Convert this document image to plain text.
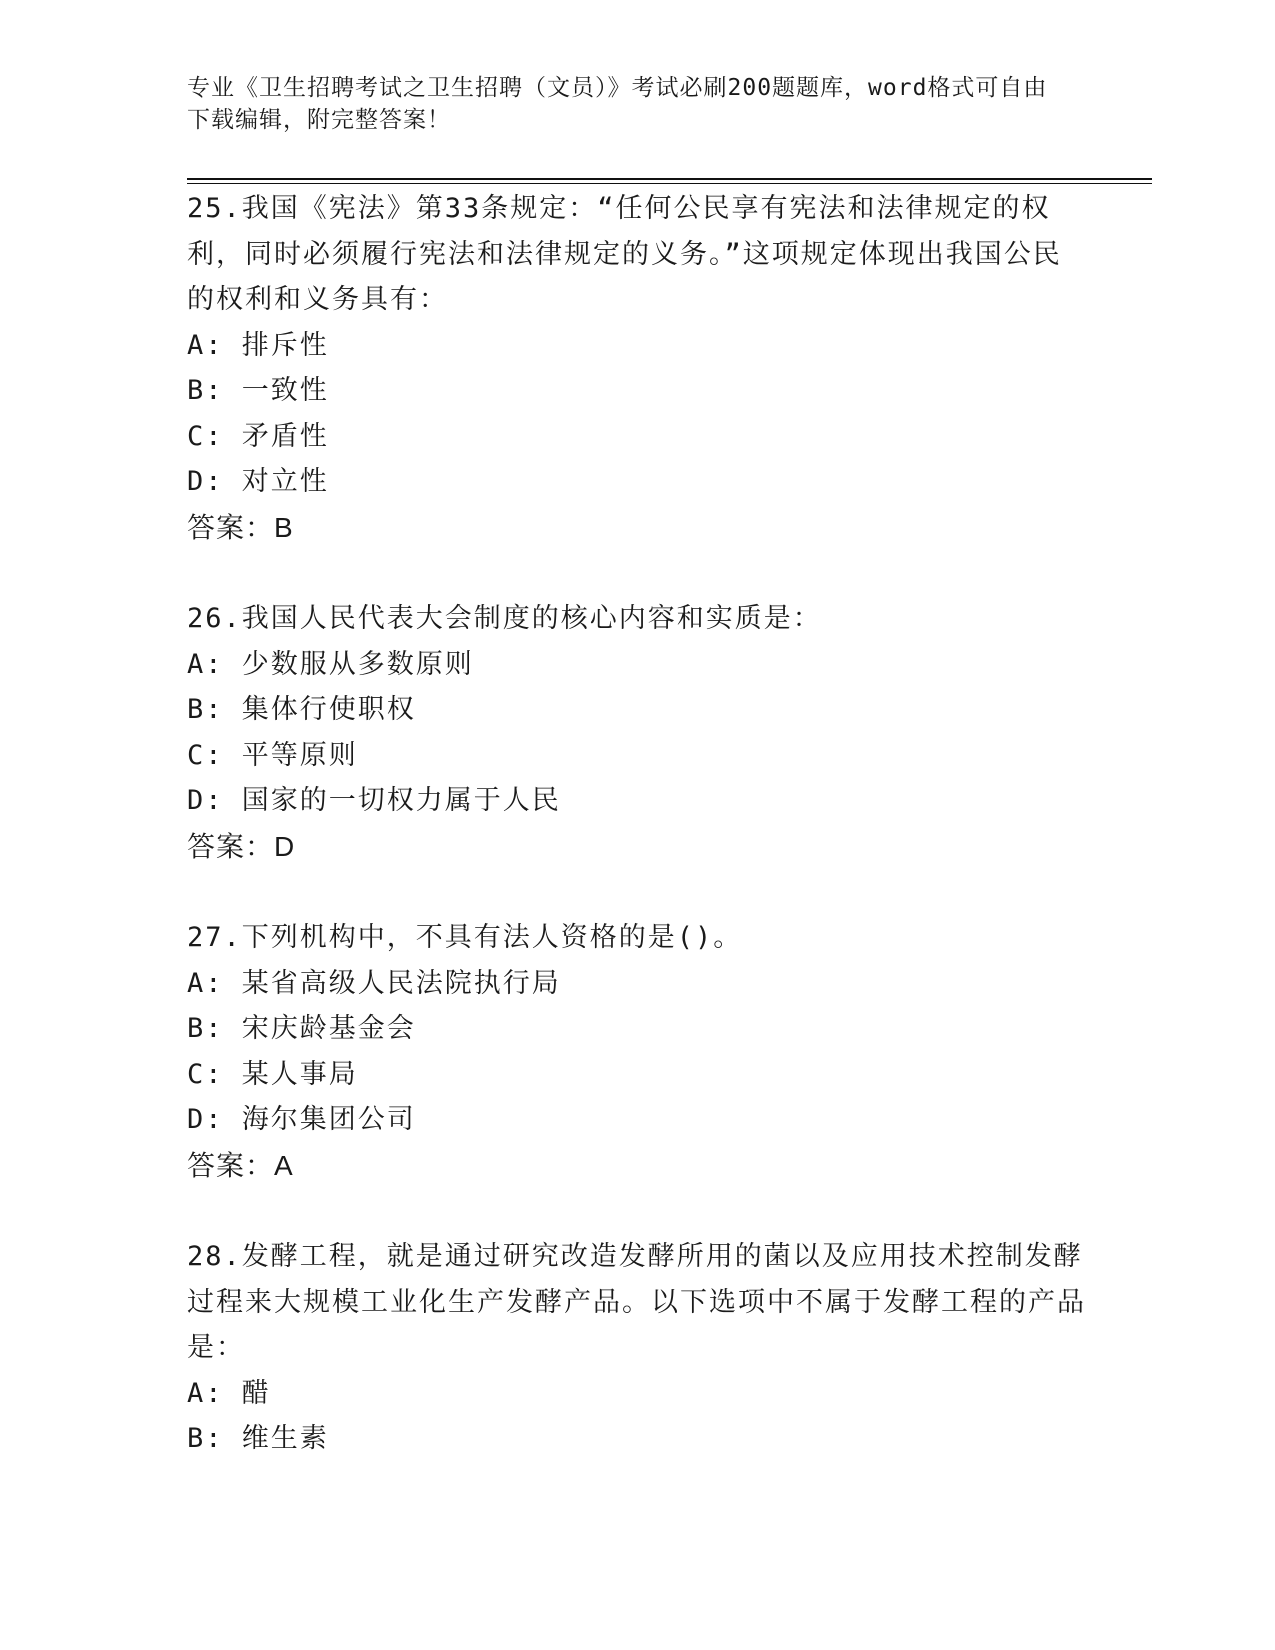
专业《卫生招聘考试之卫生招聘（文员）》考试必刷200题题库，word格式可自由下载编辑，附完整答案！
25.我国《宪法》第33条规定：“任何公民享有宪法和法律规定的权利，同时必须履行宪法和法律规定的义务。”这项规定体现出我国公民的权利和义务具有：
A: 排斥性
B: 一致性
C: 矛盾性
D: 对立性
答案：B
26.我国人民代表大会制度的核心内容和实质是：
A: 少数服从多数原则
B: 集体行使职权
C: 平等原则
D: 国家的一切权力属于人民
答案：D
27.下列机构中，不具有法人资格的是()。
A: 某省高级人民法院执行局
B: 宋庆龄基金会
C: 某人事局
D: 海尔集团公司
答案：A
28.发酵工程，就是通过研究改造发酵所用的菌以及应用技术控制发酵过程来大规模工业化生产发酵产品。以下选项中不属于发酵工程的产品是：
A: 醋
B: 维生素
